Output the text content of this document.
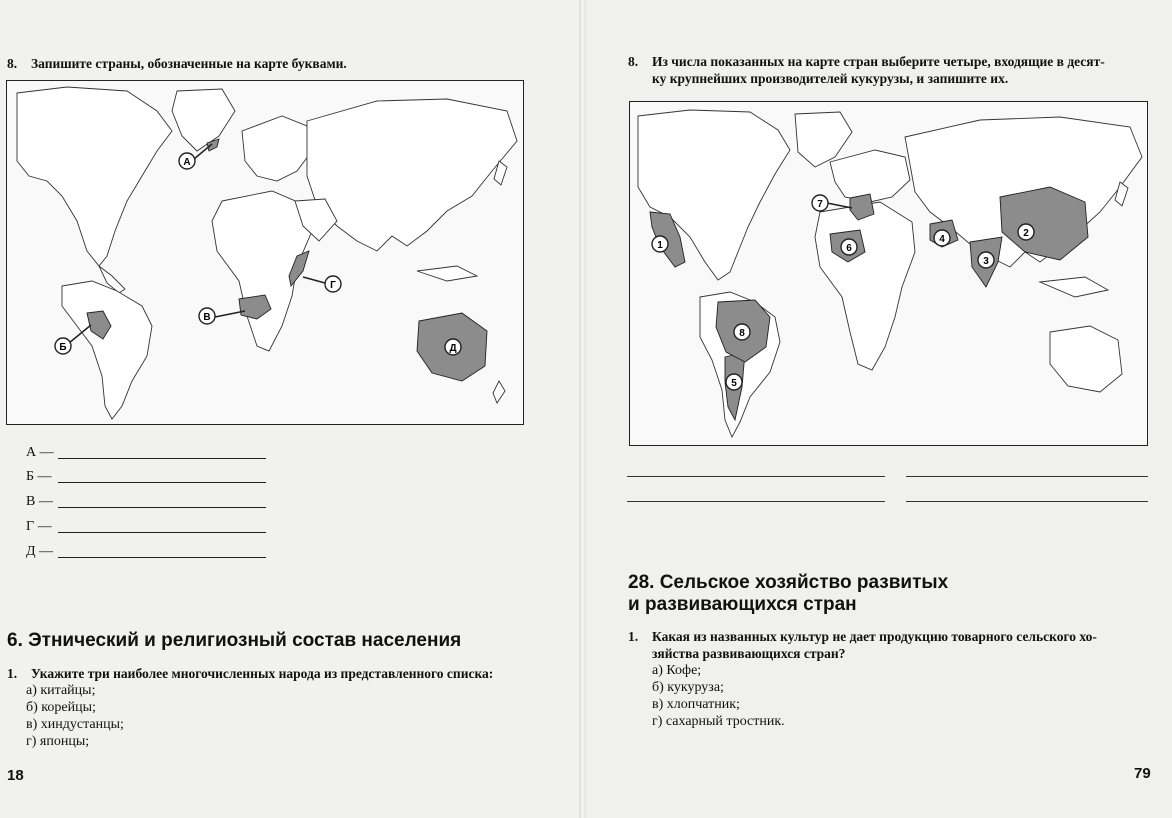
8. Запишите страны, обозначенные на карте буквами.
А
Б
В
Г
Д
А —
Б —
В —
Г —
Д —
6. Этнический и религиозный состав населения
1. Укажите три наиболее многочисленных народа из представленного списка:
а) китайцы;
б) корейцы;
в) хиндустанцы;
г) японцы;
18
8. Из числа показанных на карте стран выберите четыре, входящие в десят-
ку крупнейших производителей кукурузы, и запишите их.
1
2
3
4
5
6
7
8
28. Сельское хозяйство развитых
и развивающихся стран
1. Какая из названных культур не дает продукцию товарного сельского хо-
зяйства развивающихся стран?
а) Кофе;
б) кукуруза;
в) хлопчатник;
г) сахарный тростник.
79
